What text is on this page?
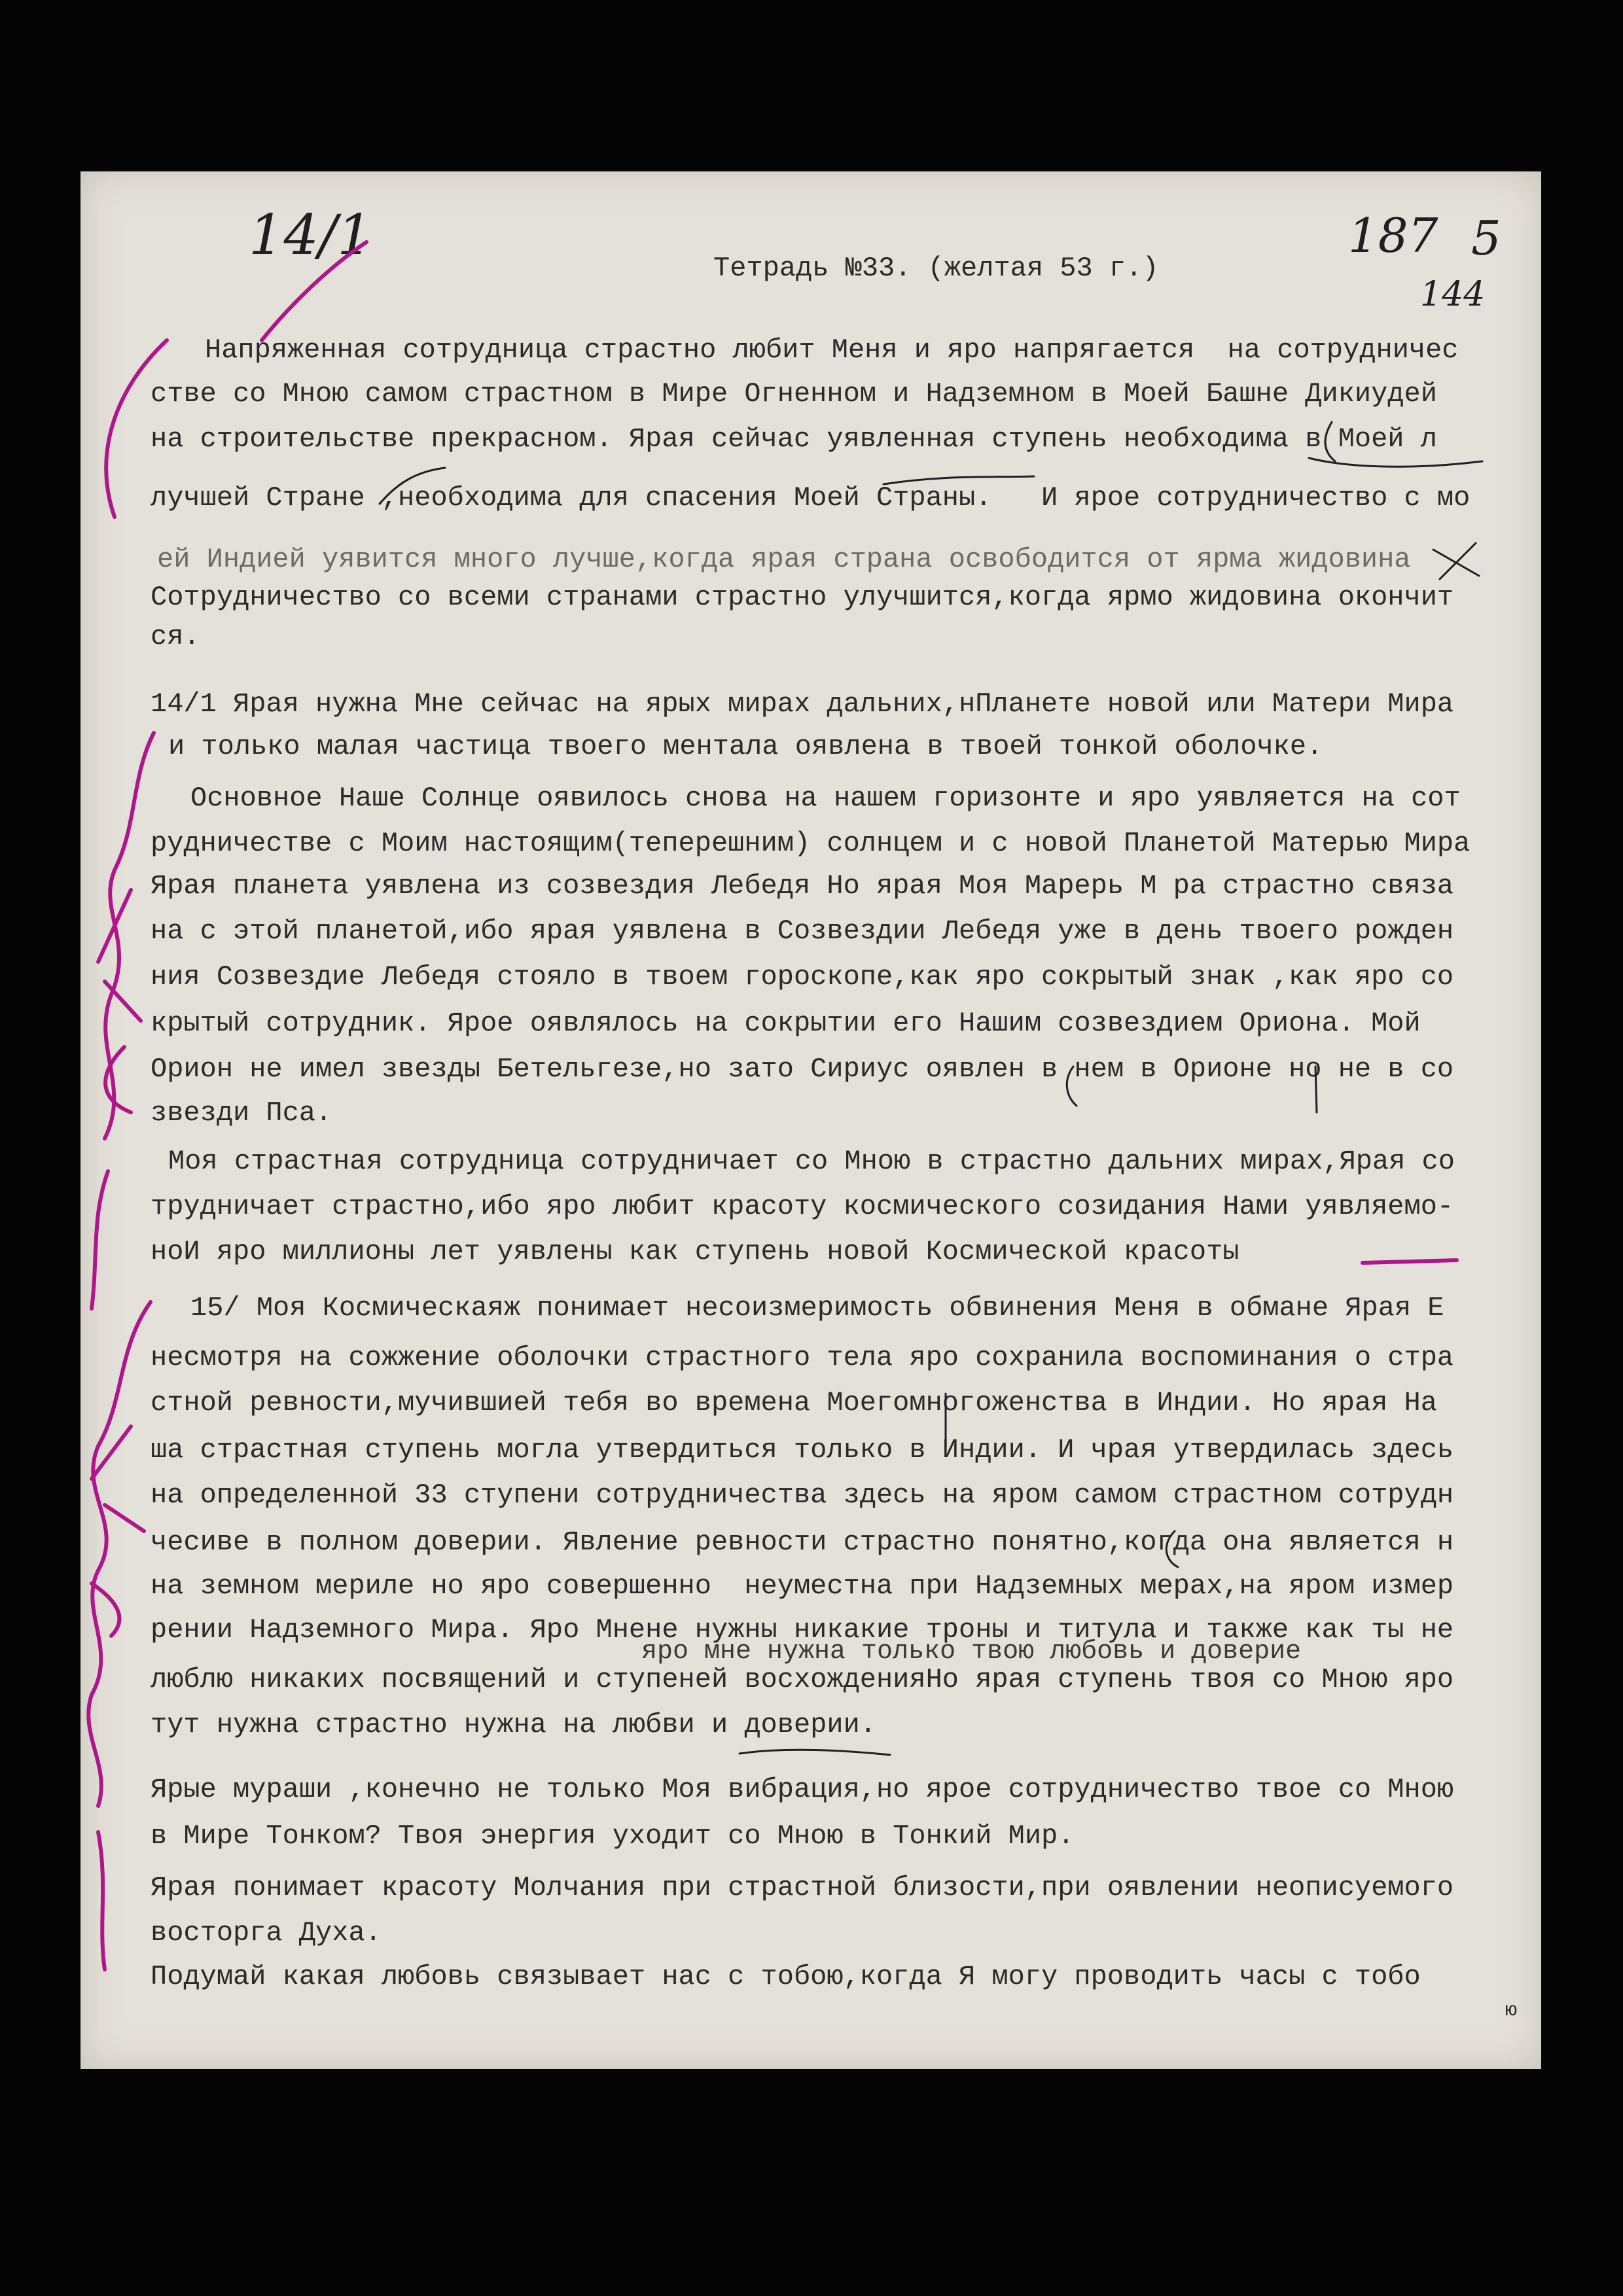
Тетрадь №33. (желтая 53 г.)
Напряженная сотрудница страстно любит Меня и яро напрягается  на сотрудничес
стве со Мною самом страстном в Мире Огненном и Надземном в Моей Башне Дикиудей
на строительстве прекрасном. Ярая сейчас уявленная ступень необходима в Моей л
лучшей Стране ,необходима для спасения Моей Страны.   И ярое сотрудничество с мо
ей Индией уявится много лучше,когда ярая страна освободится от ярма жидовина
Сотрудничество со всеми странами страстно улучшится,когда ярмо жидовина окончит
ся.
14/1 Ярая нужна Мне сейчас на ярых мирах дальних,нПланете новой или Матери Мира
и только малая частица твоего ментала оявлена в твоей тонкой оболочке.
Основное Наше Солнце оявилось снова на нашем горизонте и яро уявляется на сот
рудничестве с Моим настоящим(теперешним) солнцем и с новой Планетой Матерью Мира
Ярая планета уявлена из созвездия Лебедя Но ярая Моя Марерь М ра страстно связа
на с этой планетой,ибо ярая уявлена в Созвездии Лебедя уже в день твоего рожден
ния Созвездие Лебедя стояло в твоем гороскопе,как яро сокрытый знак ,как яро со
крытый сотрудник. Ярое оявлялось на сокрытии его Нашим созвездием Ориона. Мой
Орион не имел звезды Бетельгезе,но зато Сириус оявлен в нем в Орионе но не в со
звезди Пса.
Моя страстная сотрудница сотрудничает со Мною в страстно дальних мирах,Ярая со
трудничает страстно,ибо яро любит красоту космического созидания Нами уявляемо-
ноИ яро миллионы лет уявлены как ступень новой Космической красоты
15/ Моя Космическаяж понимает несоизмеримость обвинения Меня в обмане Ярая Е
несмотря на сожжение оболочки страстного тела яро сохранила воспоминания о стра
стной ревности,мучившией тебя во времена Моегомногоженства в Индии. Но ярая На
ша страстная ступень могла утвердиться только в Индии. И чрая утвердилась здесь
на определенной 33 ступени сотрудничества здесь на яром самом страстном сотрудн
чесиве в полном доверии. Явление ревности страстно понятно,когда она является н
на земном мериле но яро совершенно  неуместна при Надземных мерах,на яром измер
рении Надземного Мира. Яро Мнене нужны никакие троны и титула и также как ты не
яро мне нужна только твою любовь и доверие
люблю никаких посвящений и ступеней восхожденияНо ярая ступень твоя со Мною яро
тут нужна страстно нужна на любви и доверии.
Ярые мураши ,конечно не только Моя вибрация,но ярое сотрудничество твое со Мною
в Мире Тонком? Твоя энергия уходит со Мною в Тонкий Мир.
Ярая понимает красоту Молчания при страстной близости,при оявлении неописуемого
восторга Духа.
Подумай какая любовь связывает нас с тобою,когда Я могу проводить часы с тобо
ю
14/1	187 5
144
